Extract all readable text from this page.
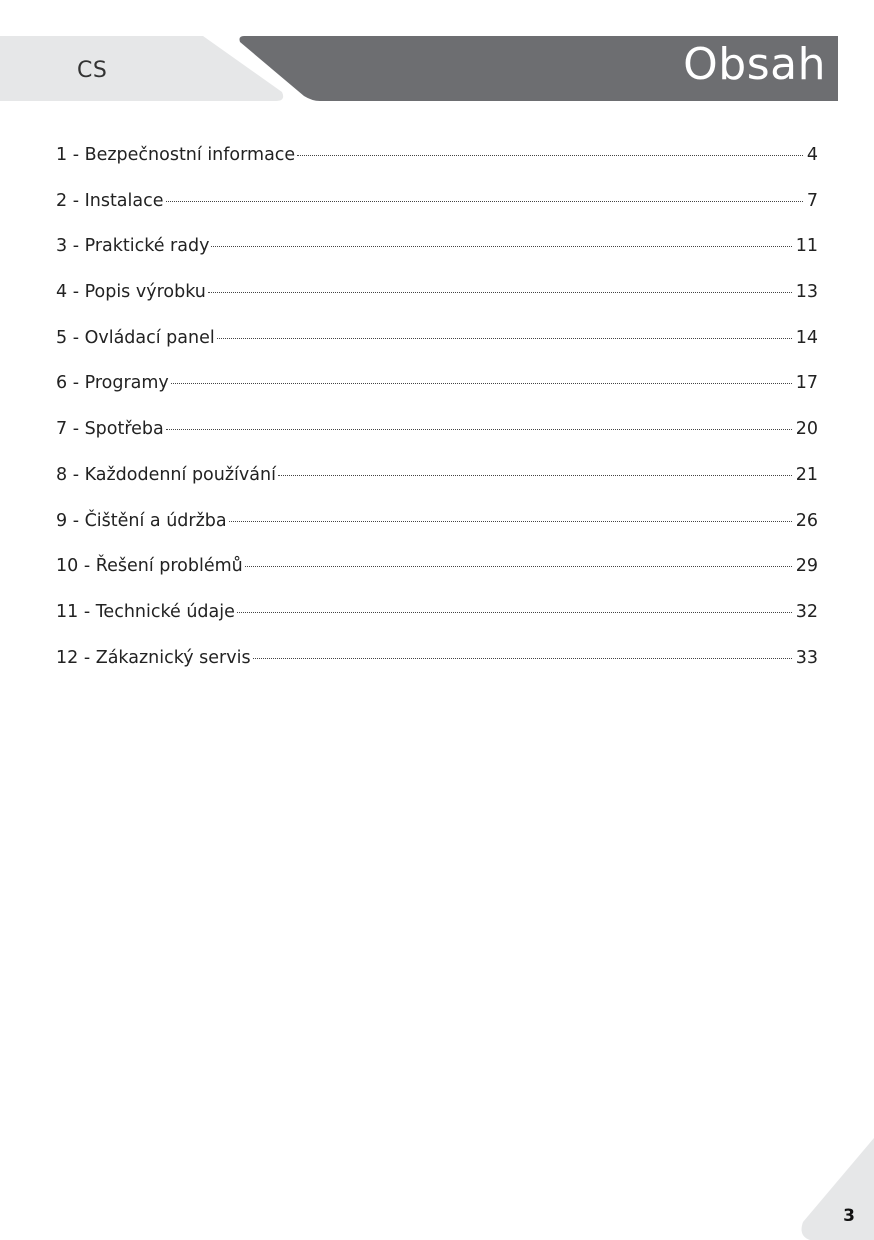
CS	Obsah
1 - Bezpečnostní informace	4
2 - Instalace	7
3 - Praktické rady	11
4 - Popis výrobku	13
5 - Ovládací panel	14
6 - Programy	17
7 - Spotřeba	20
8 - Každodenní používání	21
9 - Čištění a údržba	26
10 - Řešení problémů	29
11 - Technické údaje	32
12 - Zákaznický servis	33
3
